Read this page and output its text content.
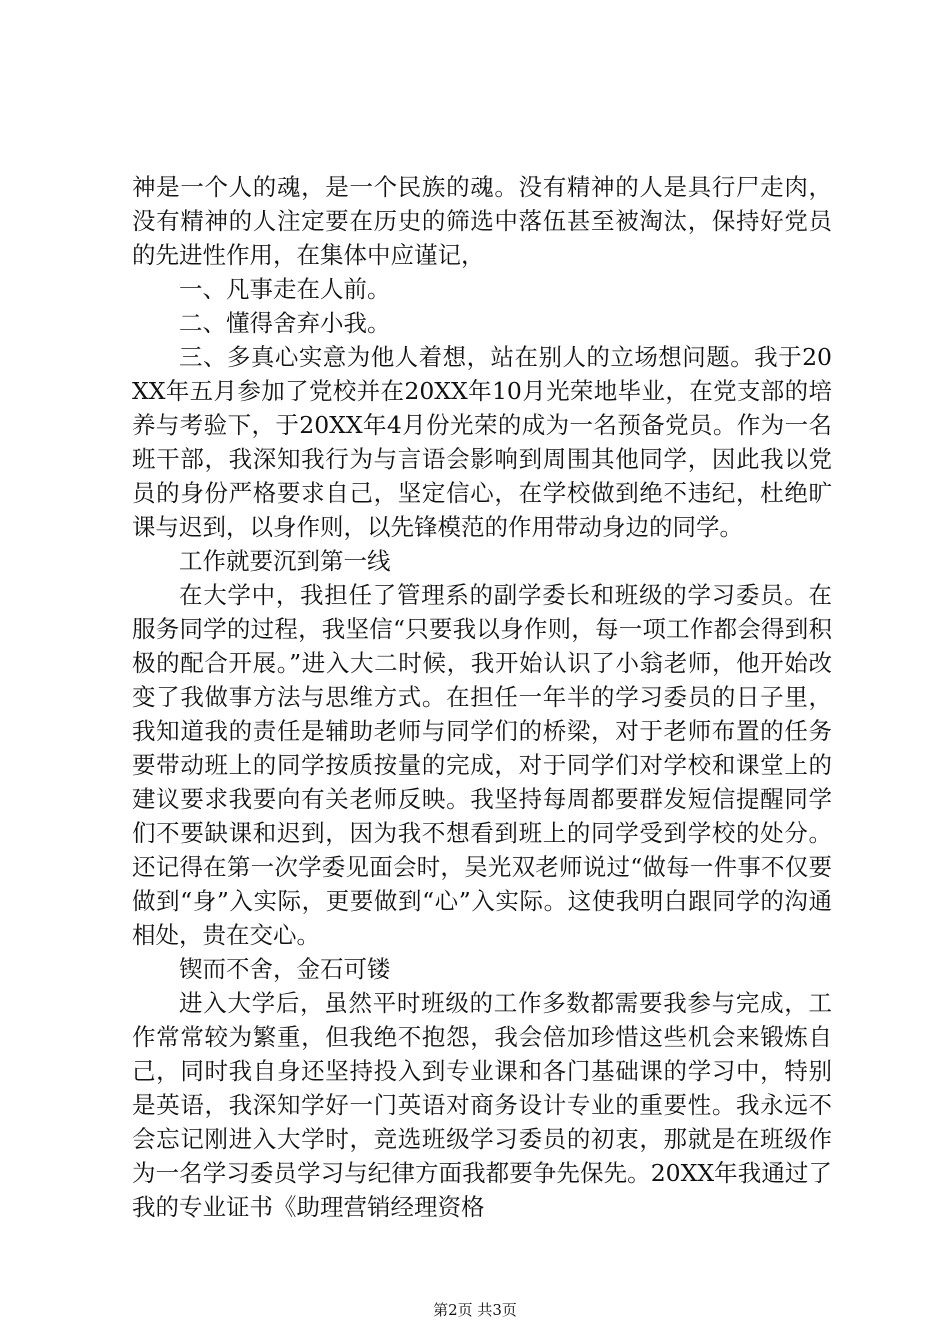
神是一个人的魂，是一个民族的魂。没有精神的人是具行尸走肉，没有精神的人注定要在历史的筛选中落伍甚至被淘汰，保持好党员的先进性作用，在集体中应谨记，

一、凡事走在人前。

二、懂得舍弃小我。

三、多真心实意为他人着想，站在别人的立场想问题。我于20XX年五月参加了党校并在20XX年10月光荣地毕业，在党支部的培养与考验下，于20XX年4月份光荣的成为一名预备党员。作为一名班干部，我深知我行为与言语会影响到周围其他同学，因此我以党员的身份严格要求自己，坚定信心，在学校做到绝不违纪，杜绝旷课与迟到，以身作则，以先锋模范的作用带动身边的同学。

工作就要沉到第一线

在大学中，我担任了管理系的副学委长和班级的学习委员。在服务同学的过程，我坚信“只要我以身作则，每一项工作都会得到积极的配合开展。”进入大二时候，我开始认识了小翁老师，他开始改变了我做事方法与思维方式。在担任一年半的学习委员的日子里，我知道我的责任是辅助老师与同学们的桥梁，对于老师布置的任务要带动班上的同学按质按量的完成，对于同学们对学校和课堂上的建议要求我要向有关老师反映。我坚持每周都要群发短信提醒同学们不要缺课和迟到，因为我不想看到班上的同学受到学校的处分。还记得在第一次学委见面会时，吴光双老师说过“做每一件事不仅要做到“身”入实际，更要做到“心”入实际。这使我明白跟同学的沟通相处，贵在交心。

锲而不舍，金石可镂

进入大学后，虽然平时班级的工作多数都需要我参与完成，工作常常较为繁重，但我绝不抱怨，我会倍加珍惜这些机会来锻炼自己，同时我自身还坚持投入到专业课和各门基础课的学习中，特别是英语，我深知学好一门英语对商务设计专业的重要性。我永远不会忘记刚进入大学时，竞选班级学习委员的初衷，那就是在班级作为一名学习委员学习与纪律方面我都要争先保先。20XX年我通过了我的专业证书《助理营销经理资格

第2页 共3页
